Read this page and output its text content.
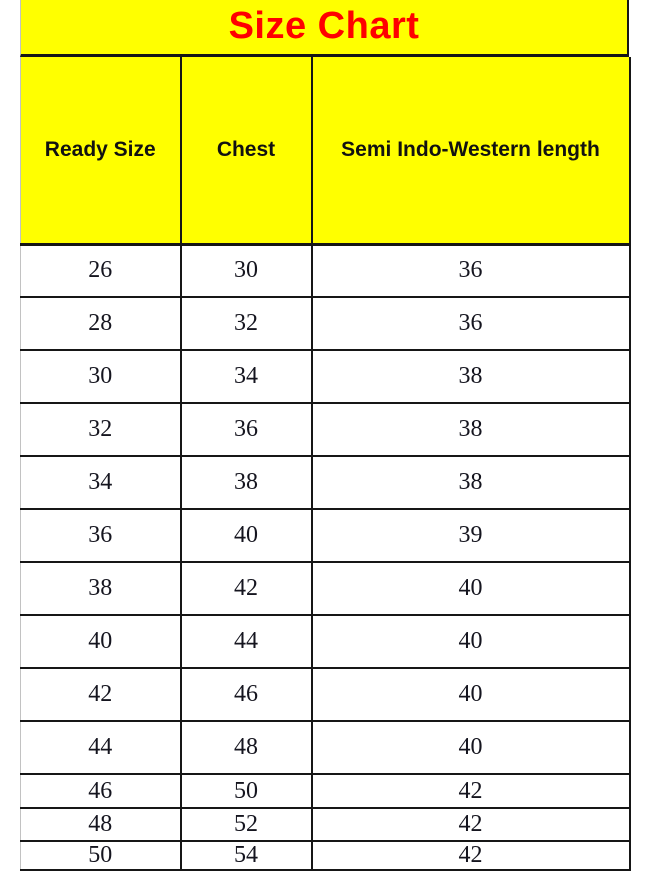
Size Chart
Ready Size	Chest	Semi Indo-Western length
26	30	36
28	32	36
30	34	38
32	36	38
34	38	38
36	40	39
38	42	40
40	44	40
42	46	40
44	48	40
46	50	42
48	52	42
50	54	42
